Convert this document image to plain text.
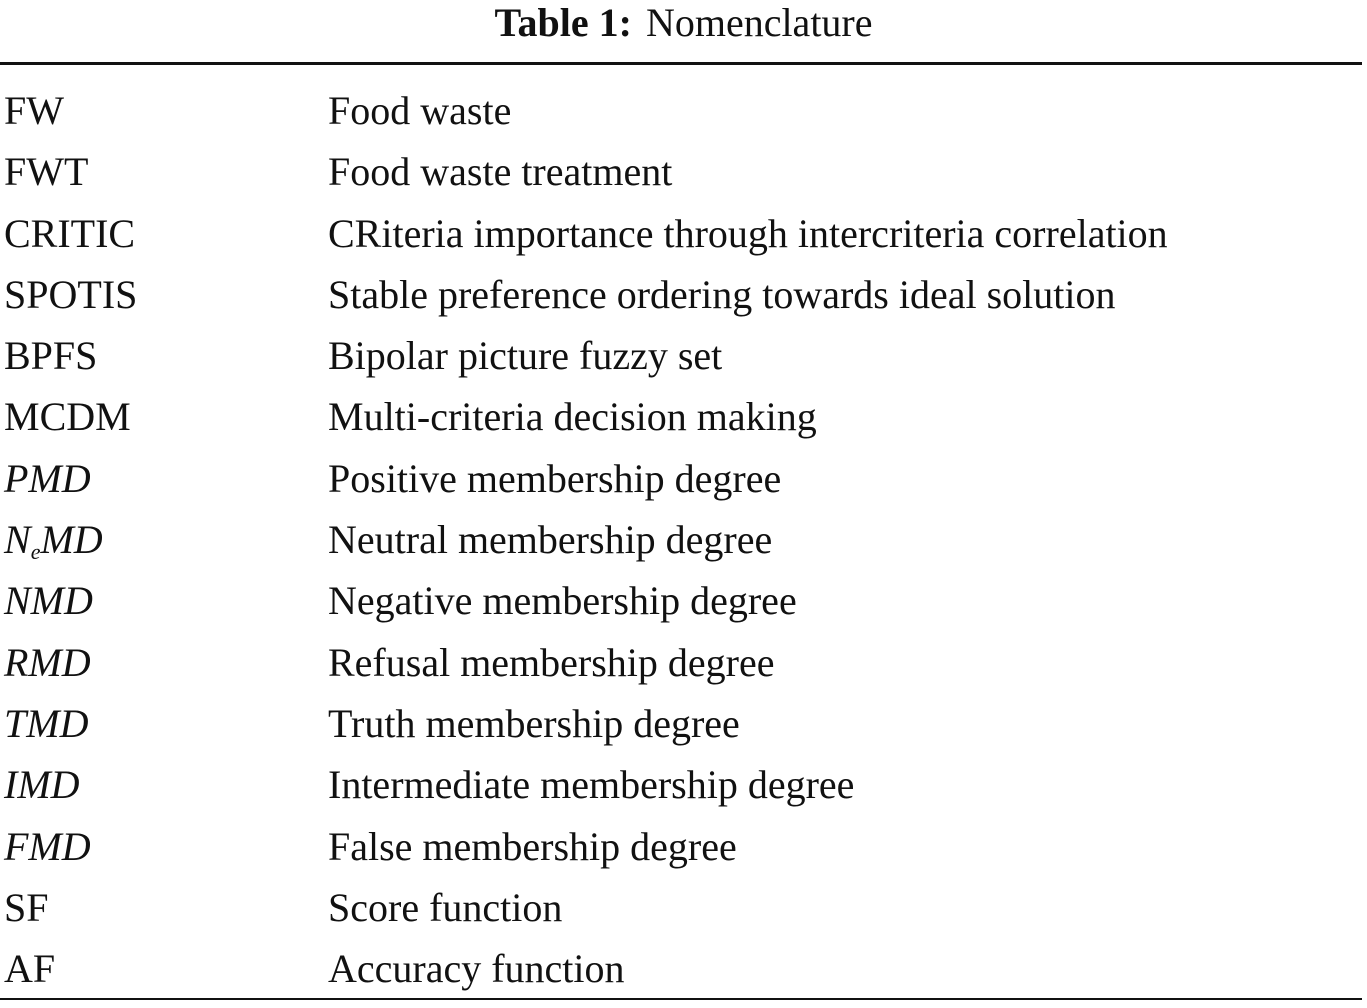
Table 1: Nomenclature
FW	Food waste
FWT	Food waste treatment
CRITIC	CRiteria importance through intercriteria correlation
SPOTIS	Stable preference ordering towards ideal solution
BPFS	Bipolar picture fuzzy set
MCDM	Multi-criteria decision making
PMD	Positive membership degree
$N_eMD$	Neutral membership degree
NMD	Negative membership degree
RMD	Refusal membership degree
TMD	Truth membership degree
IMD	Intermediate membership degree
FMD	False membership degree
SF	Score function
AF	Accuracy function
